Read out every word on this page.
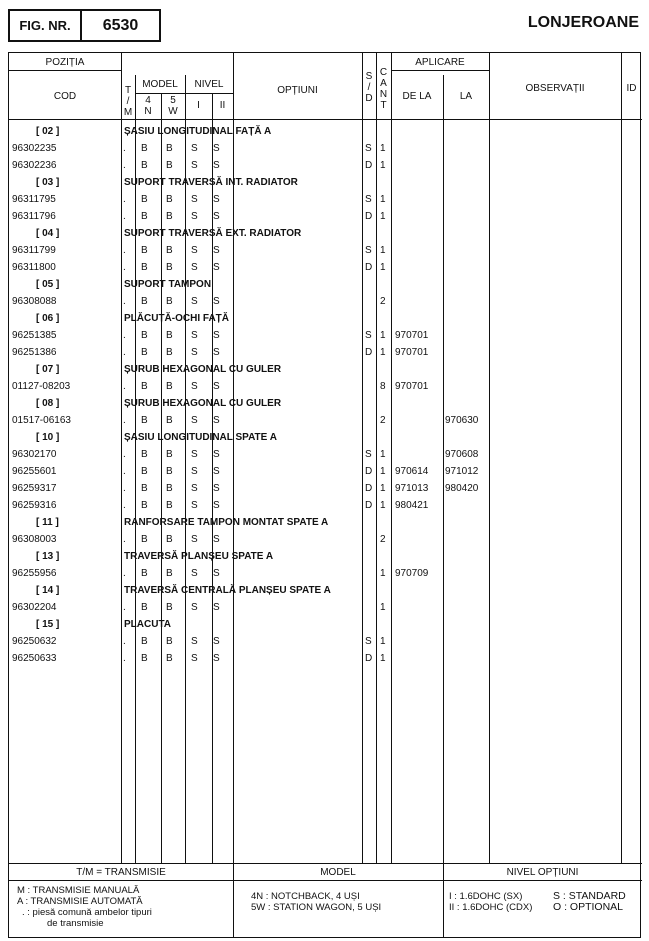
FIG. NR.	6530	LONJEROANE
POZIȚIA
COD
T
/
M
MODEL
4
N
5
W
NIVEL
I	II
OPȚIUNI
S
/
D
C
A
N
T
APLICARE
DE LA	LA
OBSERVAȚII	ID
T/M = TRANSMISIE	MODEL	NIVEL OPȚIUNI
M : TRANSMISIE MANUALĂ
A : TRANSMISIE AUTOMATĂ
. : piesă comună ambelor tipuri
de transmisie
4N : NOTCHBACK, 4 UȘI
5W : STATION WAGON, 5 UȘI
I : 1.6DOHC (SX)
II : 1.6DOHC (CDX)
S : STANDARD
O : OPTIONAL
[ 02 ]	ȘASIU LONGITUDINAL FAȚĂ A
96302235	. B B S S	S 1
96302236	. B B S S	D 1
[ 03 ]	SUPORT TRAVERSĂ INT. RADIATOR
96311795	. B B S S	S 1
96311796	. B B S S	D 1
[ 04 ]	SUPORT TRAVERSĂ EXT. RADIATOR
96311799	. B B S S	S 1
96311800	. B B S S	D 1
[ 05 ]	SUPORT TAMPON
96308088	. B B S S	2
[ 06 ]	PLĂCUȚĂ-OCHI FAȚĂ
96251385	. B B S S	S 1 970701
96251386	. B B S S	D 1 970701
[ 07 ]	ȘURUB HEXAGONAL CU GULER
01127-08203	. B B S S	8 970701
[ 08 ]	ȘURUB HEXAGONAL CU GULER
01517-06163	. B B S S	2	970630
[ 10 ]	ȘASIU LONGITUDINAL SPATE A
96302170	. B B S S	S 1	970608
96255601	. B B S S	D 1 970614 971012
96259317	. B B S S	D 1 971013 980420
96259316	. B B S S	D 1 980421
[ 11 ]	RANFORSARE TAMPON MONTAT SPATE A
96308003	. B B S S	2
[ 13 ]	TRAVERSĂ PLANȘEU SPATE A
96255956	. B B S S	1 970709
[ 14 ]	TRAVERSĂ CENTRALĂ PLANȘEU SPATE A
96302204	. B B S S	1
[ 15 ]	PLACUTA
96250632	. B B S S	S 1
96250633	. B B S S	D 1
